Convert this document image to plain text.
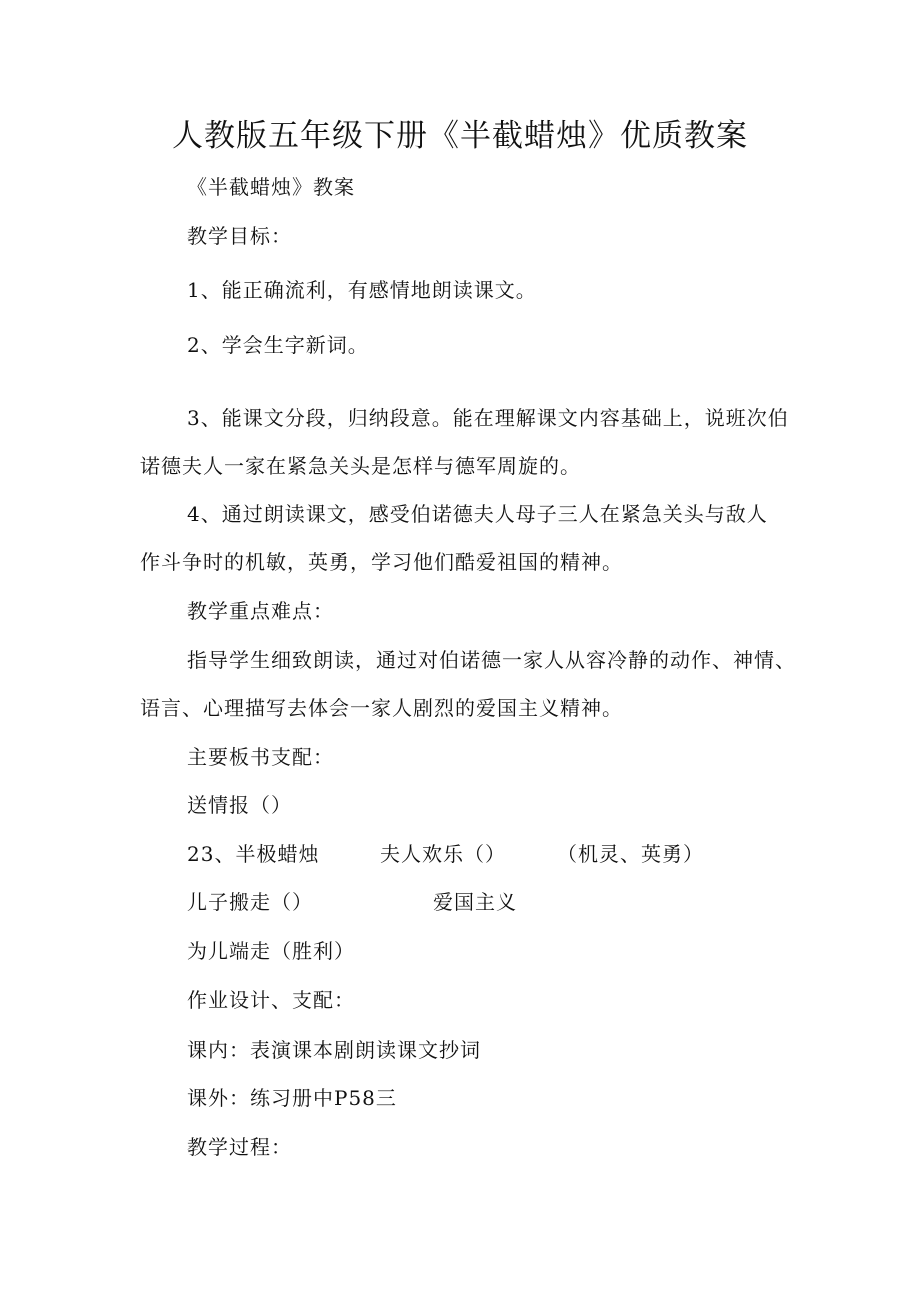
人教版五年级下册《半截蜡烛》优质教案
《半截蜡烛》教案
教学目标：
1、能正确流利，有感情地朗读课文。
2、学会生字新词。
3、能课文分段，归纳段意。能在理解课文内容基础上，说班次伯
诺德夫人一家在紧急关头是怎样与德军周旋的。
4、通过朗读课文，感受伯诺德夫人母子三人在紧急关头与敌人
作斗争时的机敏，英勇，学习他们酷爱祖国的精神。
教学重点难点：
指导学生细致朗读，通过对伯诺德一家人从容冷静的动作、神情、
语言、心理描写去体会一家人剧烈的爱国主义精神。
主要板书支配：
送情报（）
23、半极蜡烛	夫人欢乐（）	（机灵、英勇）
儿子搬走（）	爱国主义
为儿端走（胜利）
作业设计、支配：
课内：表演课本剧朗读课文抄词
课外：练习册中P58三
教学过程：
